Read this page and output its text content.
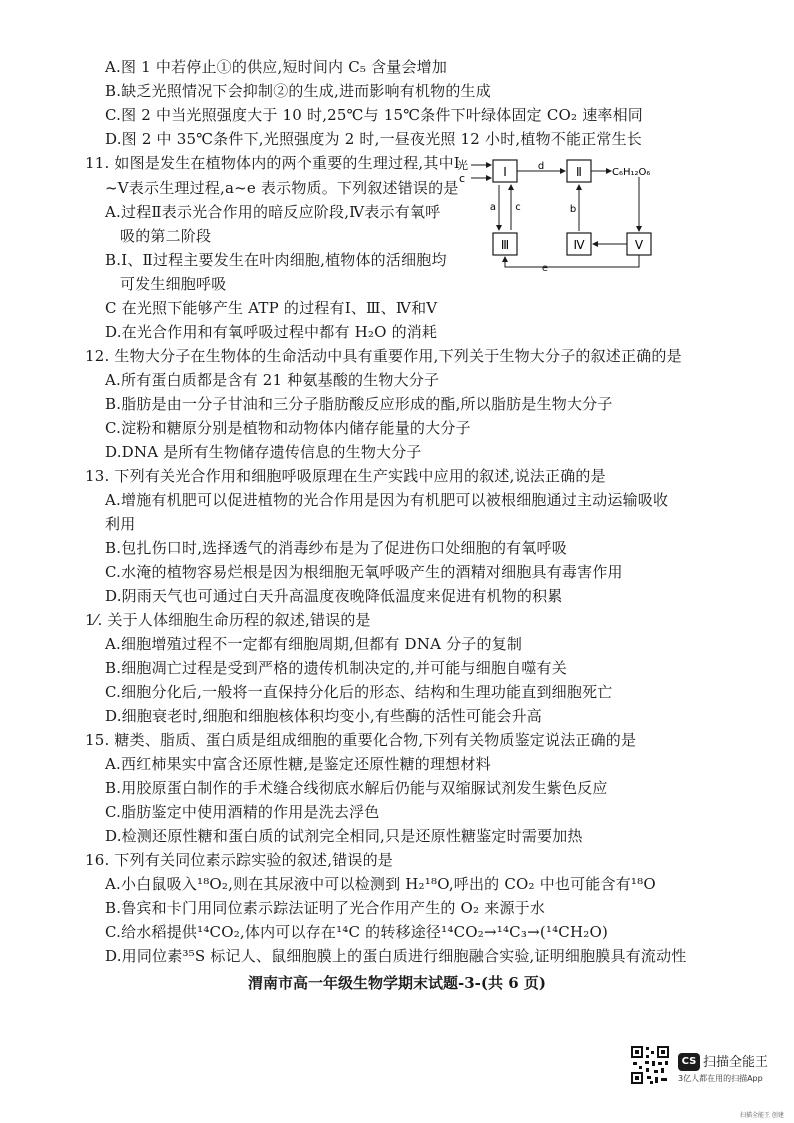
A.图 1 中若停止①的供应,短时间内 C₅ 含量会增加
B.缺乏光照情况下会抑制②的生成,进而影响有机物的生成
C.图 2 中当光照强度大于 10 时,25℃与 15℃条件下叶绿体固定 CO₂ 速率相同
D.图 2 中 35℃条件下,光照强度为 2 时,一昼夜光照 12 小时,植物不能正常生长
11. 如图是发生在植物体内的两个重要的生理过程,其中Ⅰ
~Ⅴ表示生理过程,a~e 表示物质。下列叙述错误的是
A.过程Ⅱ表示光合作用的暗反应阶段,Ⅳ表示有氧呼
吸的第二阶段
B.Ⅰ、Ⅱ过程主要发生在叶肉细胞,植物体的活细胞均
可发生细胞呼吸
C 在光照下能够产生 ATP 的过程有Ⅰ、Ⅲ、Ⅳ和Ⅴ
D.在光合作用和有氧呼吸过程中都有 H₂O 的消耗
光
c	Ⅰ	d	Ⅱ	C₆H₁₂O₆
a c
Ⅲ	Ⅳ
b
Ⅴ
e
12. 生物大分子在生物体的生命活动中具有重要作用,下列关于生物大分子的叙述正确的是
A.所有蛋白质都是含有 21 种氨基酸的生物大分子
B.脂肪是由一分子甘油和三分子脂肪酸反应形成的酯,所以脂肪是生物大分子
C.淀粉和糖原分别是植物和动物体内储存能量的大分子
D.DNA 是所有生物储存遗传信息的生物大分子
13. 下列有关光合作用和细胞呼吸原理在生产实践中应用的叙述,说法正确的是
A.增施有机肥可以促进植物的光合作用是因为有机肥可以被根细胞通过主动运输吸收
利用
B.包扎伤口时,选择透气的消毒纱布是为了促进伤口处细胞的有氧呼吸
C.水淹的植物容易烂根是因为根细胞无氧呼吸产生的酒精对细胞具有毒害作用
D.阴雨天气也可通过白天升高温度夜晚降低温度来促进有机物的积累
1⁄. 关于人体细胞生命历程的叙述,错误的是
A.细胞增殖过程不一定都有细胞周期,但都有 DNA 分子的复制
B.细胞凋亡过程是受到严格的遗传机制决定的,并可能与细胞自噬有关
C.细胞分化后,一般将一直保持分化后的形态、结构和生理功能直到细胞死亡
D.细胞衰老时,细胞和细胞核体积均变小,有些酶的活性可能会升高
15. 糖类、脂质、蛋白质是组成细胞的重要化合物,下列有关物质鉴定说法正确的是
A.西红柿果实中富含还原性糖,是鉴定还原性糖的理想材料
B.用胶原蛋白制作的手术缝合线彻底水解后仍能与双缩脲试剂发生紫色反应
C.脂肪鉴定中使用酒精的作用是洗去浮色
D.检测还原性糖和蛋白质的试剂完全相同,只是还原性糖鉴定时需要加热
16. 下列有关同位素示踪实验的叙述,错误的是
A.小白鼠吸入¹⁸O₂,则在其尿液中可以检测到 H₂¹⁸O,呼出的 CO₂ 中也可能含有¹⁸O
B.鲁宾和卡门用同位素示踪法证明了光合作用产生的 O₂ 来源于水
C.给水稻提供¹⁴CO₂,体内可以存在¹⁴C 的转移途径¹⁴CO₂→¹⁴C₃→(¹⁴CH₂O)
D.用同位素³⁵S 标记人、鼠细胞膜上的蛋白质进行细胞融合实验,证明细胞膜具有流动性
渭南市高一年级生物学期末试题-3-(共 6 页)
CS 扫描全能王
3亿人都在用的扫描App
扫描全能王 创建
